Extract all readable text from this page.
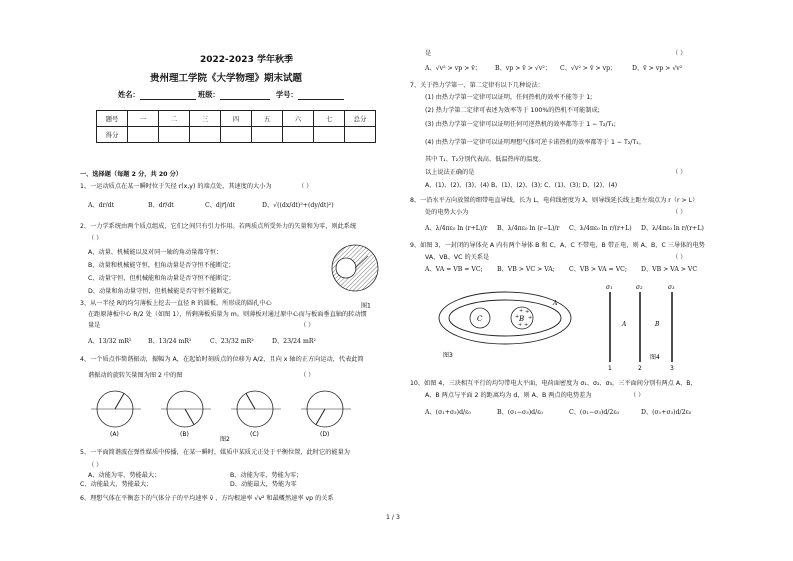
2022-2023 学年秋季
贵州理工学院《大学物理》期末试题
姓名：	班级：	学号：
题号	一	二	三	四	五	六	七	总分
得分								
一、选择题（每题 2 分，共 20 分）
1、一运动质点在某一瞬时位于矢径 r(x,y) 的端点处，其速度的大小为	（ ）
A、dr/dt	B、dr⃗/dt	C、d|r⃗|/dt	D、√((dx/dt)²+(dy/dt)²)
2、一力学系统由两个质点组成，它们之间只有引力作用。若两质点所受外力的矢量和为零，则此系统
（ ）
A、动量、机械能以及对同一轴的角动量都守恒；
B、动量和机械能守恒，但角动量是否守恒不能断定；
C、动量守恒，但机械能和角动量是否守恒不能断定；
D、动量和角动量守恒，但机械能是否守恒不能断定。
图1
3、从一半径 R的均匀薄板上挖去一直径 R 的圆板，所形成的圆孔中心
在距原薄板中心 R/2 处（如图 1），所剩薄板质量为 m。则薄板对通过原中心而与板面垂直轴的转动惯
量是	（ ）
A、13/32 mR²	B、13/24 mR²	C、23/32 mR²	D、23/24 mR²
4、一个质点作简谐振动，振幅为 A，在起始时刻质点的位移为 A/2，且向 x 轴的正方向运动，代表此简
谐振动的旋转矢量图为图 2 中的图	（ ）
(A)	(B)	(C)	(D)
图2
5、一平面简谐波在弹性媒质中传播，在某一瞬时，媒质中某质元正处于平衡位置，此时它的能量为
（ ）
A、动能为零，势能最大；	B、动能为零，势能为零；
C、动能最大，势能最大；	D、动能最大，势能为零
6、理想气体在平衡态下的气体分子的平均速率 v̄ 、方均根速率 √v² 和最概然速率 vp 的关系
是	（ ）
A、√v² > vp > v̄； B、vp > v̄ > √v²； C、√v² > v̄ > vp；	D、v̄ > vp > √v²
7、关于热力学第一、第二定律有以下几种说法：
(1) 由热力学第一定律可以证明，任何热机的效率不能等于 1;
(2) 热力学第二定律可表述为效率等于 100%的热机不可能制成;
(3) 由热力学第一定律可以证明任何可逆热机的效率都等于 1 − T₂/T₁;
(4) 由热力学第一定律可以证明理想气体可逆卡诺热机的效率都等于 1 − T₂/T₁。
其中 T₁、T₂分别代表高、低温热库的温度。
以上说法正确的是	（ ）
A、(1)、(2)、(3)、(4) B、(1)、(2)、(3); C、(1)、(3); D、(2)、(4)
8、一沿水平方向放置的细带电直导线，长为 L，电荷线密度为 λ，则导线延长线上距左端点为 r（r > L）
处的电势大小为	（ ）
A、λ/4πε₀ ln (r+L)/r B、λ/4πε₀ ln (r−L)/r C、λ/4πε₀ ln r/(r+L) D、λ/4πε₀ ln r/(r+L)
9、如图 3，一封闭的导体壳 A 内有两个导体 B 和 C，A、C 不带电，B 带正电，则 A、B、C 三导体的电势
VA、VB、VC 的关系是	（ ）
A、VA = VB = VC; B、VB > VC > VA; C、VB > VA = VC; D、VB > VA > VC
C	B
A
+ +
+ +
+ +
图3
σ₁	σ₂	σ₃
A	B
1	2	3
图4
10、如图 4，三块相互平行的均匀带电大平面，电荷面密度为 σ₁、σ₂、σ₃，三平面间分别有两点 A、B，
A、B 两点与平面 2 的距离均为 d，则 A、B 两点的电势差为	（ ）
A、(σ₁+σ₃)d/ε₀	B、(σ₁−σ₃)d/ε₀	C、(σ₁−σ₃)d/2ε₀	D、(σ₁+σ₃)d/2ε₀
1 / 3
